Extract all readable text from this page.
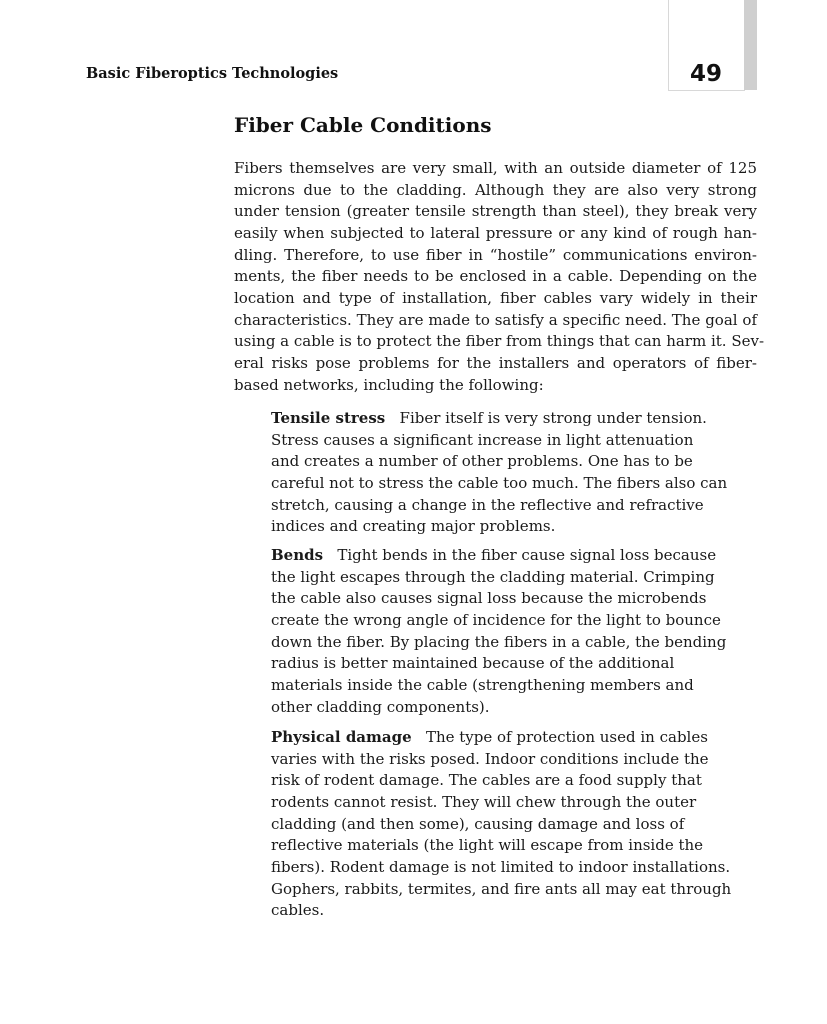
49
Basic Fiberoptics Technologies
Fiber Cable Conditions

Fibers themselves are very small, with an outside diameter of 125
microns due to the cladding. Although they are also very strong
under tension (greater tensile strength than steel), they break very
easily when subjected to lateral pressure or any kind of rough han-
dling. Therefore, to use fiber in “hostile” communications environ-
ments, the fiber needs to be enclosed in a cable. Depending on the
location and type of installation, fiber cables vary widely in their
characteristics. They are made to satisfy a specific need. The goal of
using a cable is to protect the fiber from things that can harm it. Sev-
eral risks pose problems for the installers and operators of fiber-
based networks, including the following:

Tensile stress Fiber itself is very strong under tension.
Stress causes a significant increase in light attenuation
and creates a number of other problems. One has to be
careful not to stress the cable too much. The fibers also can
stretch, causing a change in the reflective and refractive
indices and creating major problems.
Bends Tight bends in the fiber cause signal loss because
the light escapes through the cladding material. Crimping
the cable also causes signal loss because the microbends
create the wrong angle of incidence for the light to bounce
down the fiber. By placing the fibers in a cable, the bending
radius is better maintained because of the additional
materials inside the cable (strengthening members and
other cladding components).
Physical damage The type of protection used in cables
varies with the risks posed. Indoor conditions include the
risk of rodent damage. The cables are a food supply that
rodents cannot resist. They will chew through the outer
cladding (and then some), causing damage and loss of
reflective materials (the light will escape from inside the
fibers). Rodent damage is not limited to indoor installations.
Gophers, rabbits, termites, and fire ants all may eat through
cables.
